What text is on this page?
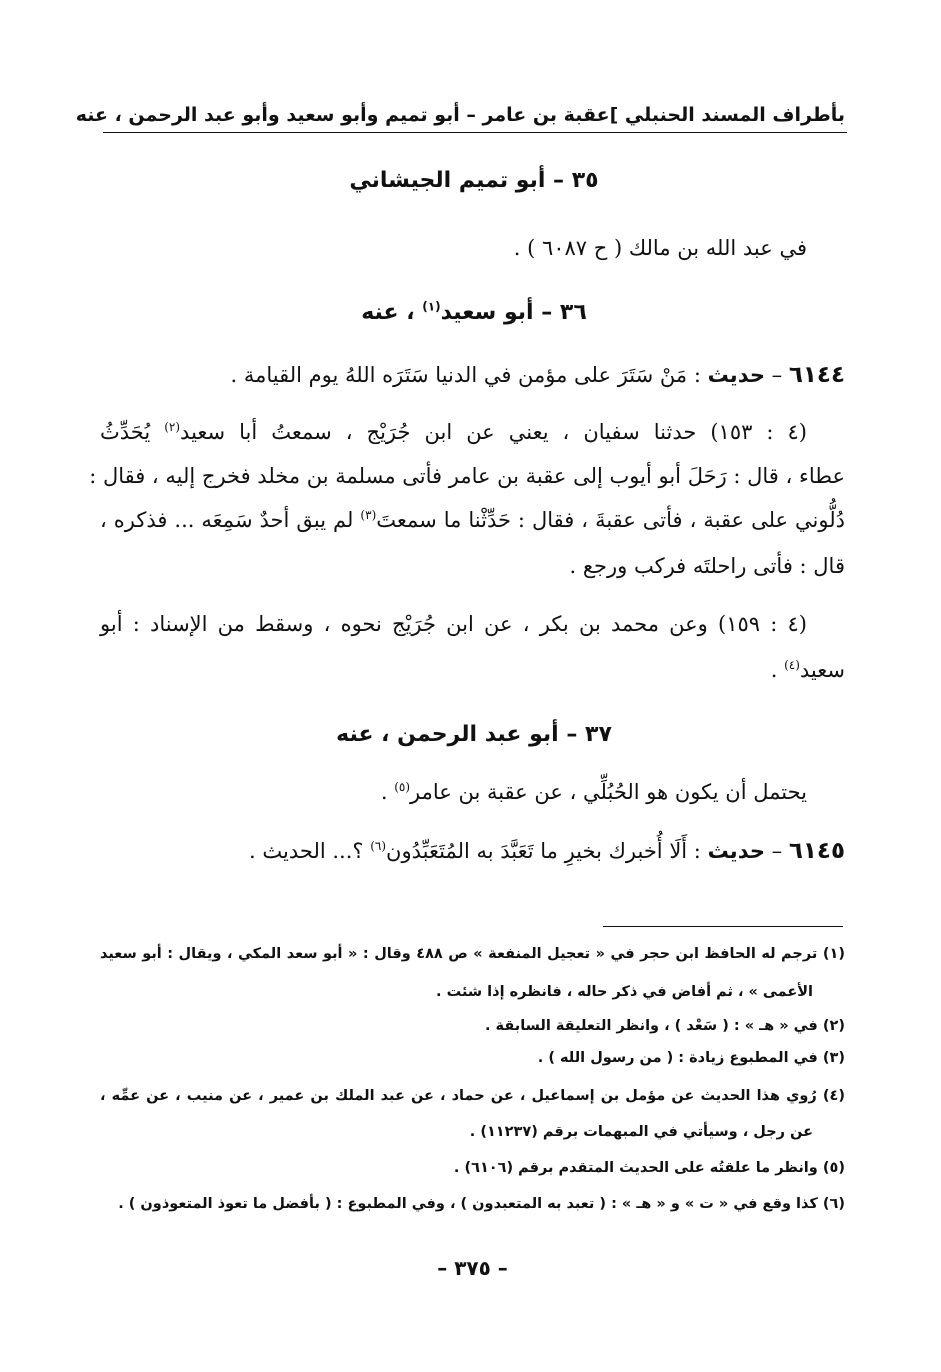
بأطراف المسند الحنبلي ]
عقبة بن عامر – أبو تميم وأبو سعيد وأبو عبد الرحمن ، عنه
٣٥ – أبو تميم الجيشاني
في عبد الله بن مالك ( ح ٦٠٨٧ ) .
٣٦ – أبو سعيد$^{(١)}$ ، عنه
٦١٤٤ – حديث : مَنْ سَتَرَ على مؤمن في الدنيا سَتَرَه اللهُ يوم القيامة .
(٤ : ١٥٣) حدثنا سفيان ، يعني عن ابن جُرَيْج ، سمعتُ أبا سعيد$^{(٢)}$ يُحَدِّثُ
عطاء ، قال : رَحَلَ أبو أيوب إلى عقبة بن عامر فأتى مسلمة بن مخلد فخرج إليه ، فقال :
دُلُّوني على عقبة ، فأتى عقبةَ ، فقال : حَدِّثْنا ما سمعتَ$^{(٣)}$ لم يبق أحدٌ سَمِعَه ... فذكره ،
قال : فأتى راحلتَه فركب ورجع .
(٤ : ١٥٩) وعن محمد بن بكر ، عن ابن جُرَيْج نحوه ، وسقط من الإسناد : أبو
سعيد$^{(٤)}$ .
٣٧ – أبو عبد الرحمن ، عنه
يحتمل أن يكون هو الحُبُلِّي ، عن عقبة بن عامر$^{(٥)}$ .
٦١٤٥ – حديث : أَلَا أُخبرك بخيرِ ما تَعَبَّدَ به المُتَعَبِّدُون$^{(٦)}$ ؟... الحديث .
(١) ترجم له الحافظ ابن حجر في « تعجيل المنفعة » ص ٤٨٨ وقال : « أبو سعد المكي ، ويقال : أبو سعيد
الأعمى » ، ثم أفاض في ذكر حاله ، فانظره إذا شئت .
(٢) في « هـ » : ( سَعْد ) ، وانظر التعليقة السابقة .
(٣) في المطبوع زيادة : ( من رسول الله ) .
(٤) رُوي هذا الحديث عن مؤمل بن إسماعيل ، عن حماد ، عن عبد الملك بن عمير ، عن منيب ، عن عمِّه ،
عن رجل ، وسيأتي في المبهمات برقم (١١٢٣٧) .
(٥) وانظر ما علقتُه على الحديث المتقدم برقم (٦١٠٦) .
(٦) كذا وقع في « ت » و « هـ » : ( تعبد به المتعبدون ) ، وفي المطبوع : ( بأفضل ما تعوذ المتعوذون ) .
– ٣٧٥ –
